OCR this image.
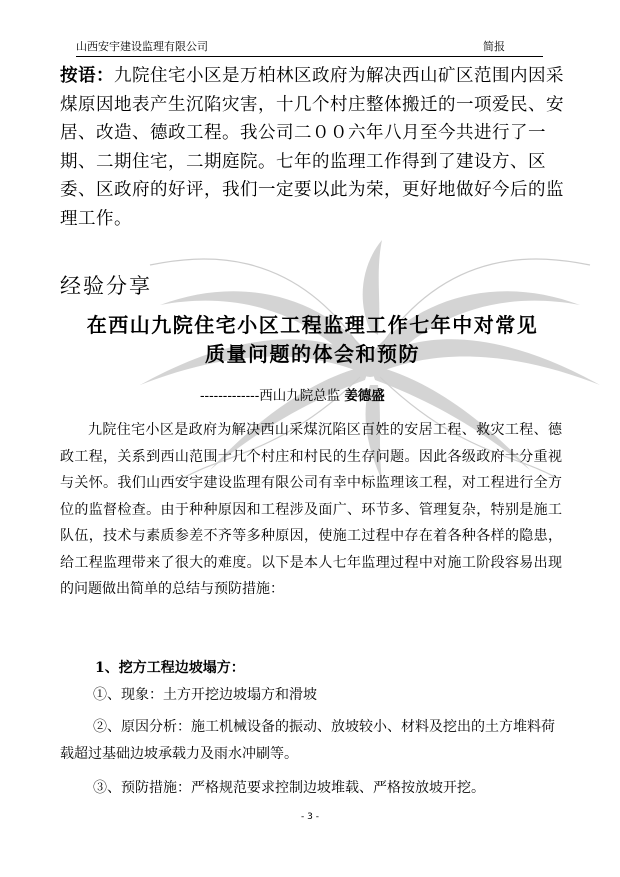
山西安宇建设监理有限公司	简报
按语：九院住宅小区是万柏林区政府为解决西山矿区范围内因采煤原因地表产生沉陷灾害，十几个村庄整体搬迁的一项爱民、安居、改造、德政工程。我公司二００六年八月至今共进行了一期、二期住宅，二期庭院。七年的监理工作得到了建设方、区委、区政府的好评，我们一定要以此为荣，更好地做好今后的监理工作。
经验分享
在西山九院住宅小区工程监理工作七年中对常见
质量问题的体会和预防
-------------西山九院总监 姜德盛

九院住宅小区是政府为解决西山采煤沉陷区百姓的安居工程、救灾工程、德政工程，关系到西山范围十几个村庄和村民的生存问题。因此各级政府十分重视与关怀。我们山西安宇建设监理有限公司有幸中标监理该工程，对工程进行全方位的监督检查。由于种种原因和工程涉及面广、环节多、管理复杂，特别是施工队伍，技术与素质参差不齐等多种原因，使施工过程中存在着各种各样的隐患，给工程监理带来了很大的难度。以下是本人七年监理过程中对施工阶段容易出现的问题做出简单的总结与预防措施：

1、挖方工程边坡塌方：

①、现象：土方开挖边坡塌方和滑坡

②、原因分析：施工机械设备的振动、放坡较小、材料及挖出的土方堆料荷载超过基础边坡承载力及雨水冲刷等。

③、预防措施：严格规范要求控制边坡堆载、严格按放坡开挖。

- 3 -
